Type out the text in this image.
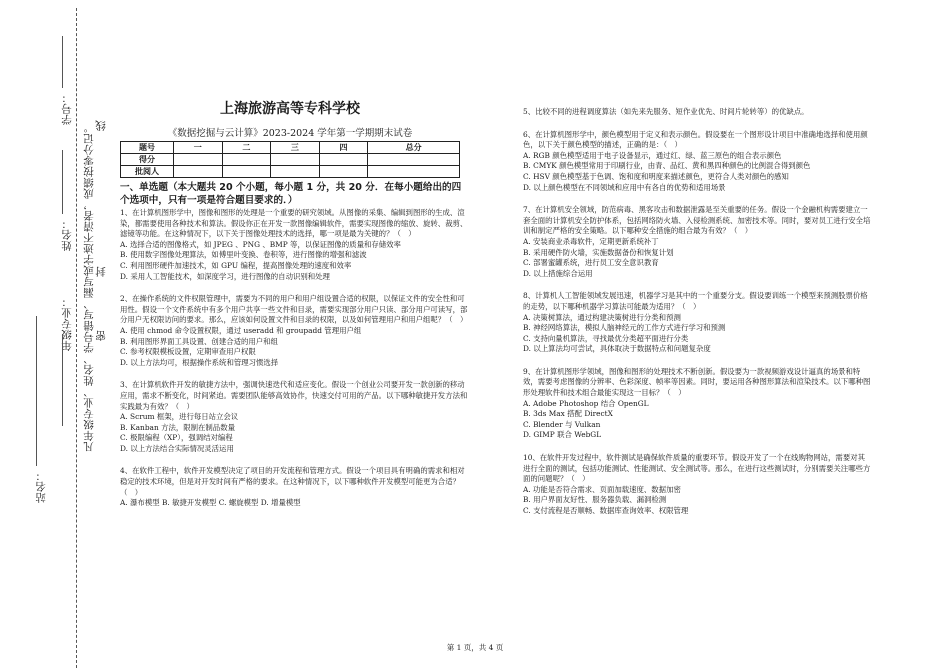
学号：
姓名： 凡年级专业、姓名、学号错写、漏写或字迹不清者，成绩按零分记。 密
封
线
年级专业：
站名：
上海旅游高等专科学校
《数据挖掘与云计算》2023-2024 学年第一学期期末试卷
题号	一	二	三	四	总分
得分					
批阅人					
一、单选题（本大题共 20 个小题，每小题 1 分，共 20 分．在每小题给出的四个选项中，只有一项是符合题目要求的．）

1、在计算机图形学中，图像和图形的处理是一个重要的研究领域。从图像的采集、编辑到图形的生成、渲染，都需要使用各种技术和算法。假设你正在开发一款图像编辑软件，需要实现图像的缩放、旋转、裁剪、滤镜等功能。在这种情况下，以下关于图像处理技术的选择，哪一项是最为关键的？（　）

A. 选择合适的图像格式，如 JPEG 、PNG 、BMP 等，以保证图像的质量和存储效率

B. 使用数字图像处理算法，如傅里叶变换、卷积等，进行图像的增强和滤波

C. 利用图形硬件加速技术，如 GPU 编程，提高图像处理的速度和效率

D. 采用人工智能技术，如深度学习，进行图像的自动识别和处理

2、在操作系统的文件权限管理中，需要为不同的用户和用户组设置合适的权限，以保证文件的安全性和可用性。假设一个文件系统中有多个用户共享一些文件和目录，需要实现部分用户只读、部分用户可读写，部分用户无权限访问的要求。那么，应该如何设置文件和目录的权限，以及如何管理用户和用户组呢？（　）

A. 使用 chmod 命令设置权限，通过 useradd 和 groupadd 管理用户组

B. 利用图形界面工具设置、创建合适的用户和组

C. 参考权限模板设置，定期审查用户权限

D. 以上方法均可，根据操作系统和管理习惯选择

3、在计算机软件开发的敏捷方法中，强调快速迭代和适应变化。假设一个创业公司要开发一款创新的移动应用，需求不断变化，时间紧迫。需要团队能够高效协作，快速交付可用的产品。以下哪种敏捷开发方法和实践最为有效？（　）

A. Scrum 框架，进行每日站立会议

B. Kanban 方法，限制在制品数量

C. 极限编程（XP），强调结对编程

D. 以上方法结合实际情况灵活运用

4、在软件工程中，软件开发模型决定了项目的开发流程和管理方式。假设一个项目具有明确的需求和相对稳定的技术环境，但是对开发时间有严格的要求。在这种情况下，以下哪种软件开发模型可能更为合适？（　）

A. 瀑布模型 B. 敏捷开发模型 C. 螺旋模型 D. 增量模型

5、比较不同的进程调度算法（如先来先服务、短作业优先、时间片轮转等）的优缺点。

6、在计算机图形学中，颜色模型用于定义和表示颜色。假设要在一个图形设计项目中准确地选择和使用颜色，以下关于颜色模型的描述，正确的是：（　）

A. RGB 颜色模型适用于电子设备显示，通过红、绿、蓝三原色的组合表示颜色

B. CMYK 颜色模型常用于印刷行业，由青、品红、黄和黑四种颜色的比例混合得到颜色

C. HSV 颜色模型基于色调、饱和度和明度来描述颜色，更符合人类对颜色的感知

D. 以上颜色模型在不同领域和应用中有各自的优势和适用场景

7、在计算机安全领域，防范病毒、黑客攻击和数据泄露是至关重要的任务。假设一个金融机构需要建立一套全面的计算机安全防护体系，包括网络防火墙、入侵检测系统、加密技术等。同时，要对员工进行安全培训和制定严格的安全策略。以下哪种安全措施的组合最为有效？（　）

A. 安装商业杀毒软件，定期更新系统补丁

B. 采用硬件防火墙，实施数据备份和恢复计划

C. 部署蜜罐系统，进行员工安全意识教育

D. 以上措施综合运用

8、计算机人工智能领域发展迅速，机器学习是其中的一个重要分支。假设要训练一个模型来预测股票价格的走势，以下哪种机器学习算法可能最为适用？（　）

A. 决策树算法，通过构建决策树进行分类和预测

B. 神经网络算法，模拟人脑神经元的工作方式进行学习和预测

C. 支持向量机算法，寻找最优分类超平面进行分类

D. 以上算法均可尝试，具体取决于数据特点和问题复杂度

9、在计算机图形学领域，图像和图形的处理技术不断创新。假设要为一款视频游戏设计逼真的场景和特效，需要考虑图像的分辨率、色彩深度、帧率等因素。同时，要运用各种图形算法和渲染技术。以下哪种图形处理软件和技术组合最能实现这一目标？（　）

A. Adobe Photoshop 结合 OpenGL

B. 3ds Max 搭配 DirectX

C. Blender 与 Vulkan

D. GIMP 联合 WebGL

10、在软件开发过程中，软件测试是确保软件质量的重要环节。假设开发了一个在线购物网站，需要对其进行全面的测试，包括功能测试、性能测试、安全测试等。那么，在进行这些测试时，分别需要关注哪些方面的问题呢？（　）

A. 功能是否符合需求、页面加载速度、数据加密

B. 用户界面友好性、服务器负载、漏洞检测

C. 支付流程是否顺畅、数据库查询效率、权限管理

第 1 页，共 4 页
